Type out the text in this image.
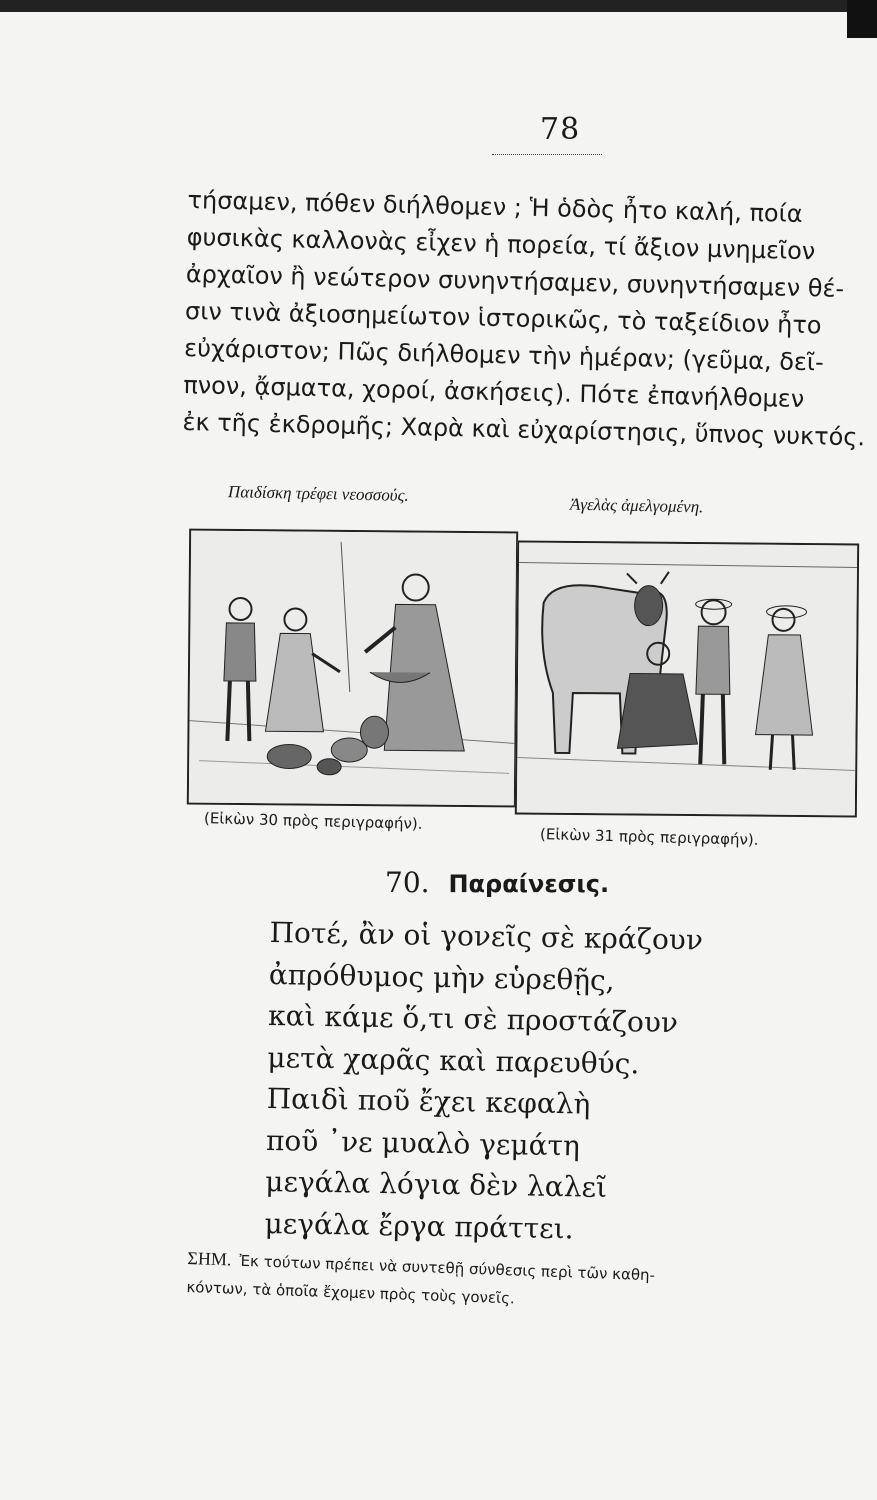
78
τήσαμεν, πόθεν διήλθομεν ; Ἡ ὁδὸς ἦτο καλή, ποία
φυσικὰς καλλονὰς εἶχεν ἡ πορεία, τί ἄξιον μνημεῖον
ἀρχαῖον ἢ νεώτερον συνηντήσαμεν, συνηντήσαμεν θέ-
σιν τινὰ ἀξιοσημείωτον ἱστορικῶς, τὸ ταξείδιον ἦτο
εὐχάριστον; Πῶς διήλθομεν τὴν ἡμέραν; (γεῦμα, δεῖ-
πνον, ᾄσματα, χοροί, ἀσκήσεις). Πότε ἐπανήλθομεν
ἐκ τῆς ἐκδρομῆς; Χαρὰ καὶ εὐχαρίστησις, ὕπνος νυκτός.
Παιδίσκη τρέφει νεοσσούς.
Ἀγελὰς ἀμελγομένη.
(Εἰκὼν 30 πρὸς περιγραφήν).
(Εἰκὼν 31 πρὸς περιγραφήν).
70. Παραίνεσις.
Ποτέ, ἂν οἱ γονεῖς σὲ κράζουν
ἀπρόθυμος μὴν εὑρεθῇς,
καὶ κάμε ὅ,τι σὲ προστάζουν
μετὰ χαρᾶς καὶ παρευθύς.
Παιδὶ ποῦ ἔχει κεφαλὴ
ποῦ ᾽νε μυαλὸ γεμάτη
μεγάλα λόγια δὲν λαλεῖ
μεγάλα ἔργα πράττει.
ΣΗΜ. Ἐκ τούτων πρέπει νὰ συντεθῇ σύνθεσις περὶ τῶν καθη-
κόντων, τὰ ὁποῖα ἔχομεν πρὸς τοὺς γονεῖς.
